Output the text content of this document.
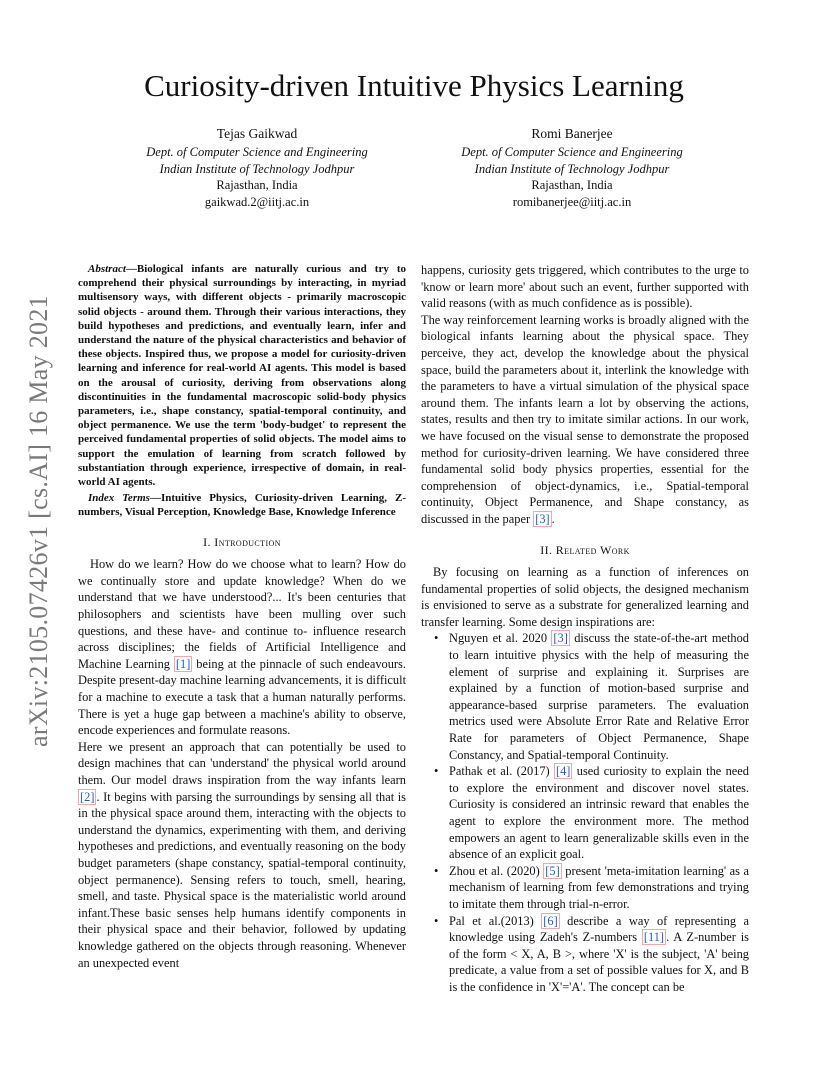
arXiv:2105.07426v1 [cs.AI] 16 May 2021
Curiosity-driven Intuitive Physics Learning
Tejas Gaikwad
Dept. of Computer Science and Engineering
Indian Institute of Technology Jodhpur
Rajasthan, India
gaikwad.2@iitj.ac.in
Romi Banerjee
Dept. of Computer Science and Engineering
Indian Institute of Technology Jodhpur
Rajasthan, India
romibanerjee@iitj.ac.in

Abstract—Biological infants are naturally curious and try to comprehend their physical surroundings by interacting, in myriad multisensory ways, with different objects - primarily macroscopic solid objects - around them. Through their various interactions, they build hypotheses and predictions, and eventually learn, infer and understand the nature of the physical characteristics and behavior of these objects. Inspired thus, we propose a model for curiosity-driven learning and inference for real-world AI agents. This model is based on the arousal of curiosity, deriving from observations along discontinuities in the fundamental macroscopic solid-body physics parameters, i.e., shape constancy, spatial-temporal continuity, and object permanence. We use the term 'body-budget' to represent the perceived fundamental properties of solid objects. The model aims to support the emulation of learning from scratch followed by substantiation through experience, irrespective of domain, in real-world AI agents.

Index Terms—Intuitive Physics, Curiosity-driven Learning, Z-numbers, Visual Perception, Knowledge Base, Knowledge Inference

I. Introduction

How do we learn? How do we choose what to learn? How do we continually store and update knowledge? When do we understand that we have understood?... It's been centuries that philosophers and scientists have been mulling over such questions, and these have- and continue to- influence research across disciplines; the fields of Artificial Intelligence and Machine Learning [1] being at the pinnacle of such endeavours. Despite present-day machine learning advancements, it is difficult for a machine to execute a task that a human naturally performs. There is yet a huge gap between a machine's ability to observe, encode experiences and formulate reasons.

Here we present an approach that can potentially be used to design machines that can 'understand' the physical world around them. Our model draws inspiration from the way infants learn [2] . It begins with parsing the surroundings by sensing all that is in the physical space around them, interacting with the objects to understand the dynamics, experimenting with them, and deriving hypotheses and predictions, and eventually reasoning on the body budget parameters (shape constancy, spatial-temporal continuity, object permanence). Sensing refers to touch, smell, hearing, smell, and taste. Physical space is the materialistic world around infant.These basic senses help humans identify components in their physical space and their behavior, followed by updating knowledge gathered on the objects through reasoning. Whenever an unexpected event

happens, curiosity gets triggered, which contributes to the urge to 'know or learn more' about such an event, further supported with valid reasons (with as much confidence as is possible).

The way reinforcement learning works is broadly aligned with the biological infants learning about the physical space. They perceive, they act, develop the knowledge about the physical space, build the parameters about it, interlink the knowledge with the parameters to have a virtual simulation of the physical space around them. The infants learn a lot by observing the actions, states, results and then try to imitate similar actions. In our work, we have focused on the visual sense to demonstrate the proposed method for curiosity-driven learning. We have considered three fundamental solid body physics properties, essential for the comprehension of object-dynamics, i.e., Spatial-temporal continuity, Object Permanence, and Shape constancy, as discussed in the paper [3] .

II. Related Work

By focusing on learning as a function of inferences on fundamental properties of solid objects, the designed mechanism is envisioned to serve as a substrate for generalized learning and transfer learning. Some design inspirations are:

• Nguyen et al. 2020 [3] discuss the state-of-the-art method to learn intuitive physics with the help of measuring the element of surprise and explaining it. Surprises are explained by a function of motion-based surprise and appearance-based surprise parameters. The evaluation metrics used were Absolute Error Rate and Relative Error Rate for parameters of Object Permanence, Shape Constancy, and Spatial-temporal Continuity.
• Pathak et al. (2017) [4] used curiosity to explain the need to explore the environment and discover novel states. Curiosity is considered an intrinsic reward that enables the agent to explore the environment more. The method empowers an agent to learn generalizable skills even in the absence of an explicit goal.
• Zhou et al. (2020) [5] present 'meta-imitation learning' as a mechanism of learning from few demonstrations and trying to imitate them through trial-n-error.
• Pal et al.(2013) [6] describe a way of representing a knowledge using Zadeh's Z-numbers [11] . A Z-number is of the form < X, A, B >, where 'X' is the subject, 'A' being predicate, a value from a set of possible values for X, and B is the confidence in 'X'='A'. The concept can be
